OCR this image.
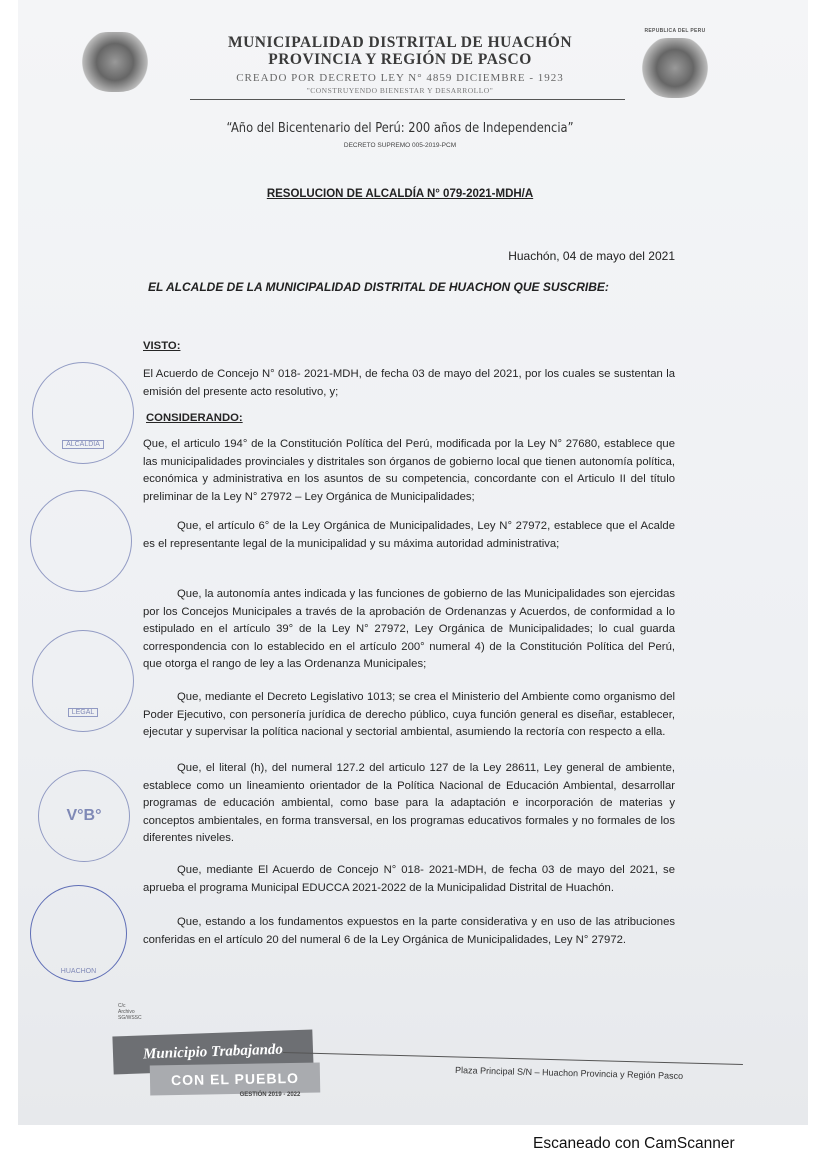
REPUBLICA DEL PERU
MUNICIPALIDAD DISTRITAL DE HUACHÓN
PROVINCIA Y REGIÓN DE PASCO
CREADO POR DECRETO LEY N° 4859 DICIEMBRE - 1923
"CONSTRUYENDO BIENESTAR Y DESARROLLO"
“Año del Bicentenario del Perú: 200 años de Independencia”
DECRETO SUPREMO 005-2019-PCM
RESOLUCION DE ALCALDÍA N° 079-2021-MDH/A
Huachón, 04 de mayo del 2021
EL ALCALDE DE LA MUNICIPALIDAD DISTRITAL DE HUACHON QUE SUSCRIBE:
VISTO:
El Acuerdo de Concejo N° 018- 2021-MDH, de fecha 03 de mayo del 2021, por los cuales se sustentan la emisión del presente acto resolutivo, y;
CONSIDERANDO:
Que, el articulo 194° de la Constitución Política del Perú, modificada por la Ley N° 27680, establece que las municipalidades provinciales y distritales son órganos de gobierno local que tienen autonomía política, económica y administrativa en los asuntos de su competencia, concordante con el Articulo II del título preliminar de la Ley N° 27972 – Ley Orgánica de Municipalidades;
Que, el artículo 6° de la Ley Orgánica de Municipalidades, Ley N° 27972, establece que el Acalde es el representante legal de la municipalidad y su máxima autoridad administrativa;
Que, la autonomía antes indicada y las funciones de gobierno de las Municipalidades son ejercidas por los Concejos Municipales a través de la aprobación de Ordenanzas y Acuerdos, de conformidad a lo estipulado en el artículo 39° de la Ley N° 27972, Ley Orgánica de Municipalidades; lo cual guarda correspondencia con lo establecido en el artículo 200° numeral 4) de la Constitución Política del Perú, que otorga el rango de ley a las Ordenanza Municipales;
Que, mediante el Decreto Legislativo 1013; se crea el Ministerio del Ambiente como organismo del Poder Ejecutivo, con personería jurídica de derecho público, cuya función general es diseñar, establecer, ejecutar y supervisar la política nacional y sectorial ambiental, asumiendo la rectoría con respecto a ella.
Que, el literal (h), del numeral 127.2 del articulo 127 de la Ley 28611, Ley general de ambiente, establece como un lineamiento orientador de la Política Nacional de Educación Ambiental, desarrollar programas de educación ambiental, como base para la adaptación e incorporación de materias y conceptos ambientales, en forma transversal, en los programas educativos formales y no formales de los diferentes niveles.
Que, mediante El Acuerdo de Concejo N° 018- 2021-MDH, de fecha 03 de mayo del 2021, se aprueba el programa Municipal EDUCCA 2021-2022 de la Municipalidad Distrital de Huachón.
Que, estando a los fundamentos expuestos en la parte considerativa y en uso de las atribuciones conferidas en el artículo 20 del numeral 6 de la Ley Orgánica de Municipalidades, Ley N° 27972.
ALCALDIA
LEGAL
V°B°
HUACHON
C/c
Archivo
SG/WSSC
Municipio Trabajando
CON EL PUEBLO
GESTIÓN 2019 - 2022
Plaza Principal S/N – Huachon Provincia y Región Pasco
Escaneado con CamScanner
